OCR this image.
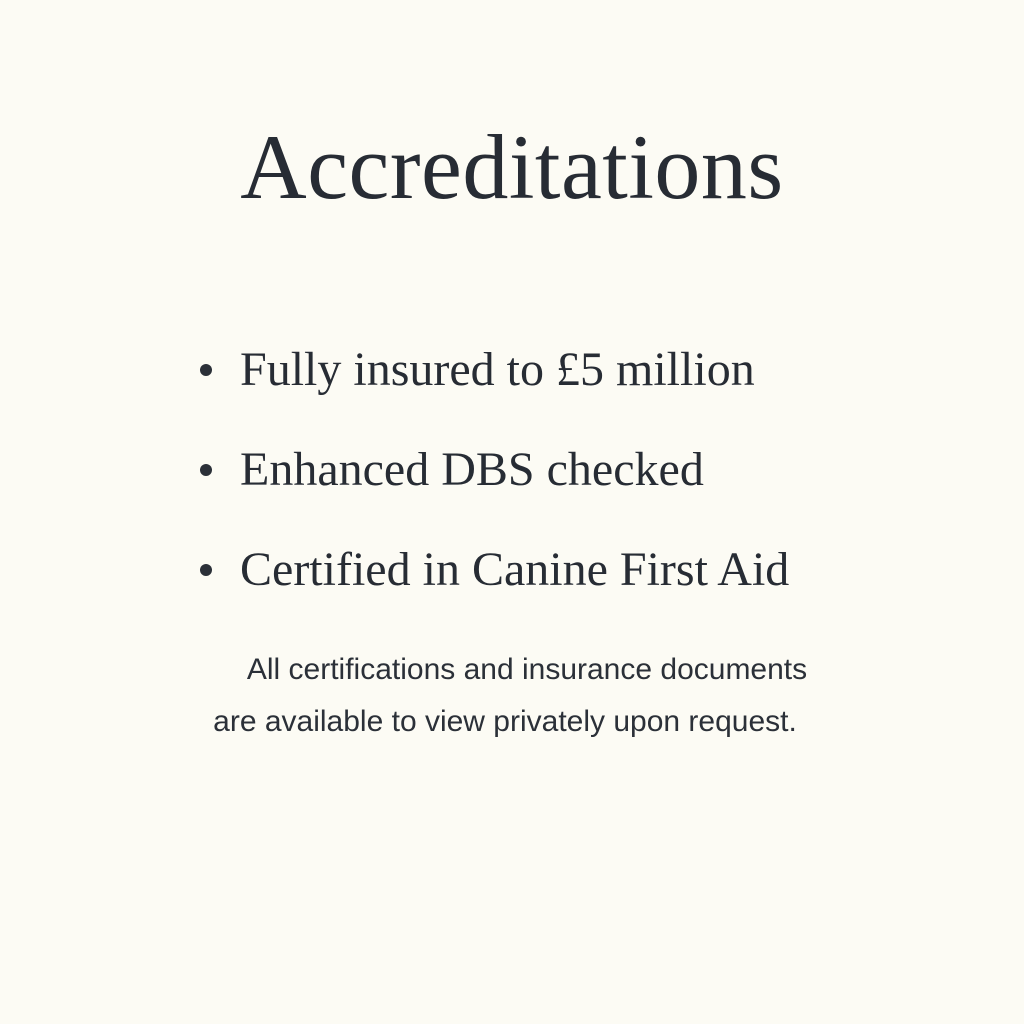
Accreditations
Fully insured to £5 million
Enhanced DBS checked
Certified in Canine First Aid

All certifications and insurance documents
are available to view privately upon request.
